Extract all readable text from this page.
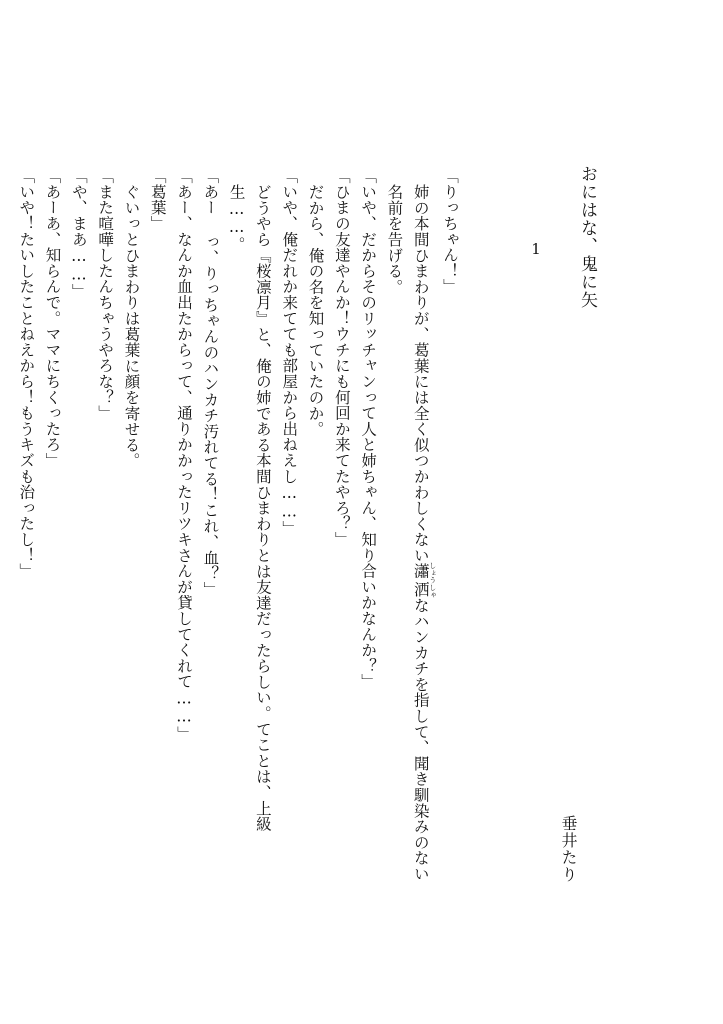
おにはな、鬼に矢
1

「りっちゃん！」

姉の本間ひまわりが、葛葉には全く似つかわしくない瀟洒 しょうしゃなハンカチを指して、聞き馴染みのない名前を告げる。

「いや、だからそのリッチャンって人と姉ちゃん、知り合いかなんか？」

「ひまの友達やんか！ウチにも何回か来てたやろ？」

だから、俺の名を知っていたのか。

「いや、俺だれか来てても部屋から出ねえし……」

どうやら『桜凛月』と、俺の姉である本間ひまわりとは友達だったらしい。てことは、上級生……。

「あー っ、りっちゃんのハンカチ汚れてる！これ、血？」

「あー、なんか血出たからって、通りかかったリツキさんが貸してくれて……」

「葛葉」

ぐいっとひまわりは葛葉に顔を寄せる。

「また喧嘩したんちゃうやろな？」

「や、まあ……」

「あーあ、知らんで。ママにちくったろ」

「いや！たいしたことねえから！もうキズも治ったし！」

垂井たり
